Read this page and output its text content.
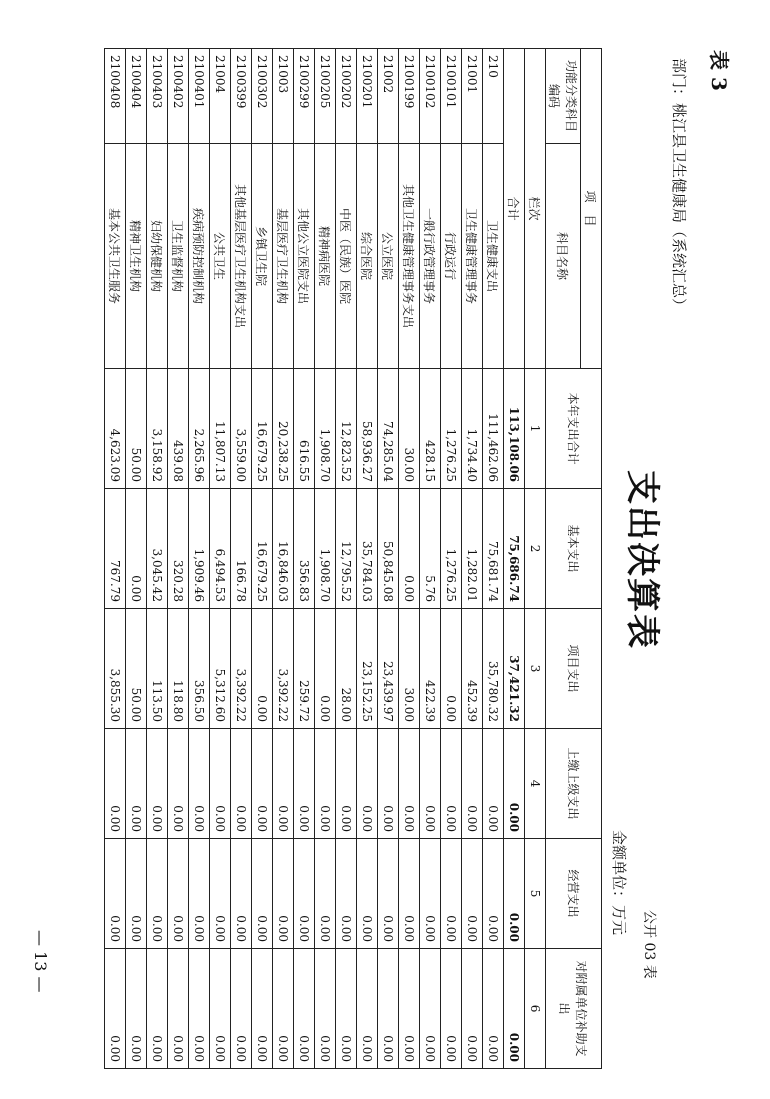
表 3
部门：桃江县卫生健康局（系统汇总）
支出决算表
公开 03 表
金额单位：万元
项　目		本年支出合计	基本支出	项目支出	上缴上级支出	经营支出	对附属单位补助支出
功能分类科目编码	科目名称						
栏次		1	2	3	4	5	6
合计		113,108.06	75,686.74	37,421.32	0.00	0.00	0.00
210	卫生健康支出	111,462.06	75,681.74	35,780.32	0.00	0.00	0.00
21001	卫生健康管理事务	1,734.40	1,282.01	452.39	0.00	0.00	0.00
2100101	行政运行	1,276.25	1,276.25	0.00	0.00	0.00	0.00
2100102	一般行政管理事务	428.15	5.76	422.39	0.00	0.00	0.00
2100199	其他卫生健康管理事务支出	30.00	0.00	30.00	0.00	0.00	0.00
21002	公立医院	74,285.04	50,845.08	23,439.97	0.00	0.00	0.00
2100201	综合医院	58,936.27	35,784.03	23,152.25	0.00	0.00	0.00
2100202	中医（民族）医院	12,823.52	12,795.52	28.00	0.00	0.00	0.00
2100205	精神病医院	1,908.70	1,908.70	0.00	0.00	0.00	0.00
2100299	其他公立医院支出	616.55	356.83	259.72	0.00	0.00	0.00
21003	基层医疗卫生机构	20,238.25	16,846.03	3,392.22	0.00	0.00	0.00
2100302	乡镇卫生院	16,679.25	16,679.25	0.00	0.00	0.00	0.00
2100399	其他基层医疗卫生机构支出	3,559.00	166.78	3,392.22	0.00	0.00	0.00
21004	公共卫生	11,807.13	6,494.53	5,312.60	0.00	0.00	0.00
2100401	疾病预防控制机构	2,265.96	1,909.46	356.50	0.00	0.00	0.00
2100402	卫生监督机构	439.08	320.28	118.80	0.00	0.00	0.00
2100403	妇幼保健机构	3,158.92	3,045.42	113.50	0.00	0.00	0.00
2100404	精神卫生机构	50.00	0.00	50.00	0.00	0.00	0.00
2100408	基本公共卫生服务	4,623.09	767.79	3,855.30	0.00	0.00	0.00
— 13 —
